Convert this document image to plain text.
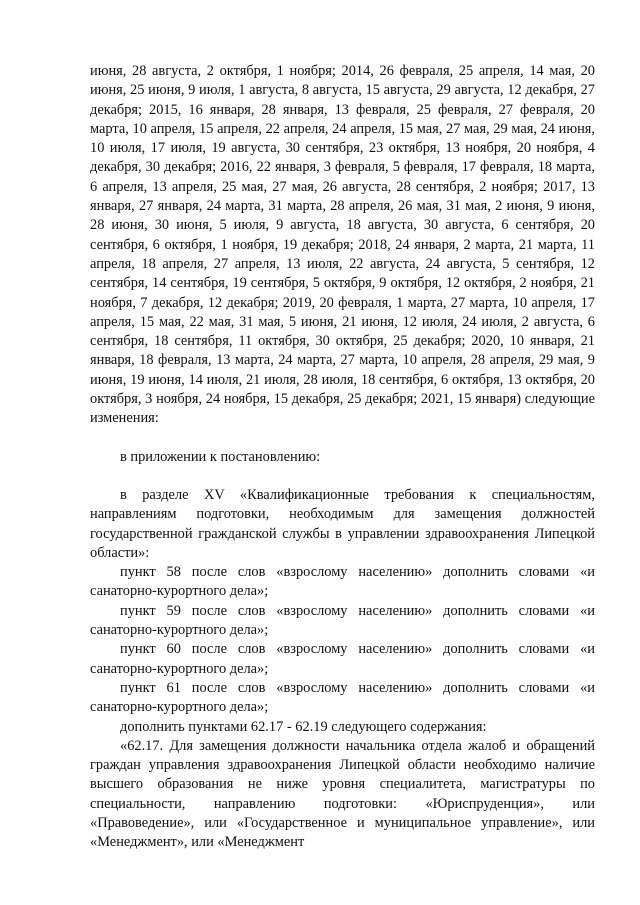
июня, 28 августа, 2 октября, 1 ноября; 2014, 26 февраля, 25 апреля, 14 мая, 20 июня, 25 июня, 9 июля, 1 августа, 8 августа, 15 августа, 29 августа, 12 декабря, 27 декабря; 2015, 16 января, 28 января, 13 февраля, 25 февраля, 27 февраля, 20 марта, 10 апреля, 15 апреля, 22 апреля, 24 апреля, 15 мая, 27 мая, 29 мая, 24 июня, 10 июля, 17 июля, 19 августа, 30 сентября, 23 октября, 13 ноября, 20 ноября, 4 декабря, 30 декабря; 2016, 22 января, 3 февраля, 5 февраля, 17 февраля, 18 марта, 6 апреля, 13 апреля, 25 мая, 27 мая, 26 августа, 28 сентября, 2 ноября; 2017, 13 января, 27 января, 24 марта, 31 марта, 28 апреля, 26 мая, 31 мая, 2 июня, 9 июня, 28 июня, 30 июня, 5 июля, 9 августа, 18 августа, 30 августа, 6 сентября, 20 сентября, 6 октября, 1 ноября, 19 декабря; 2018, 24 января, 2 марта, 21 марта, 11 апреля, 18 апреля, 27 апреля, 13 июля, 22 августа, 24 августа, 5 сентября, 12 сентября, 14 сентября, 19 сентября, 5 октября, 9 октября, 12 октября, 2 ноября, 21 ноября, 7 декабря, 12 декабря; 2019, 20 февраля, 1 марта, 27 марта, 10 апреля, 17 апреля, 15 мая, 22 мая, 31 мая, 5 июня, 21 июня, 12 июля, 24 июля, 2 августа, 6 сентября, 18 сентября, 11 октября, 30 октября, 25 декабря; 2020, 10 января, 21 января, 18 февраля, 13 марта, 24 марта, 27 марта, 10 апреля, 28 апреля, 29 мая, 9 июня, 19 июня, 14 июля, 21 июля, 28 июля, 18 сентября, 6 октября, 13 октября, 20 октября, 3 ноября, 24 ноября, 15 декабря, 25 декабря; 2021, 15 января) следующие изменения:

в приложении к постановлению:

в разделе XV «Квалификационные требования к специальностям, направлениям подготовки, необходимым для замещения должностей государственной гражданской службы в управлении здравоохранения Липецкой области»:

пункт 58 после слов «взрослому населению» дополнить словами «и санаторно-курортного дела»;

пункт 59 после слов «взрослому населению» дополнить словами «и санаторно-курортного дела»;

пункт 60 после слов «взрослому населению» дополнить словами «и санаторно-курортного дела»;

пункт 61 после слов «взрослому населению» дополнить словами «и санаторно-курортного дела»;

дополнить пунктами 62.17 - 62.19 следующего содержания:

«62.17. Для замещения должности начальника отдела жалоб и обращений граждан управления здравоохранения Липецкой области необходимо наличие высшего образования не ниже уровня специалитета, магистратуры по специальности, направлению подготовки: «Юриспруденция», или «Правоведение», или «Государственное и муниципальное управление», или «Менеджмент», или «Менеджмент
